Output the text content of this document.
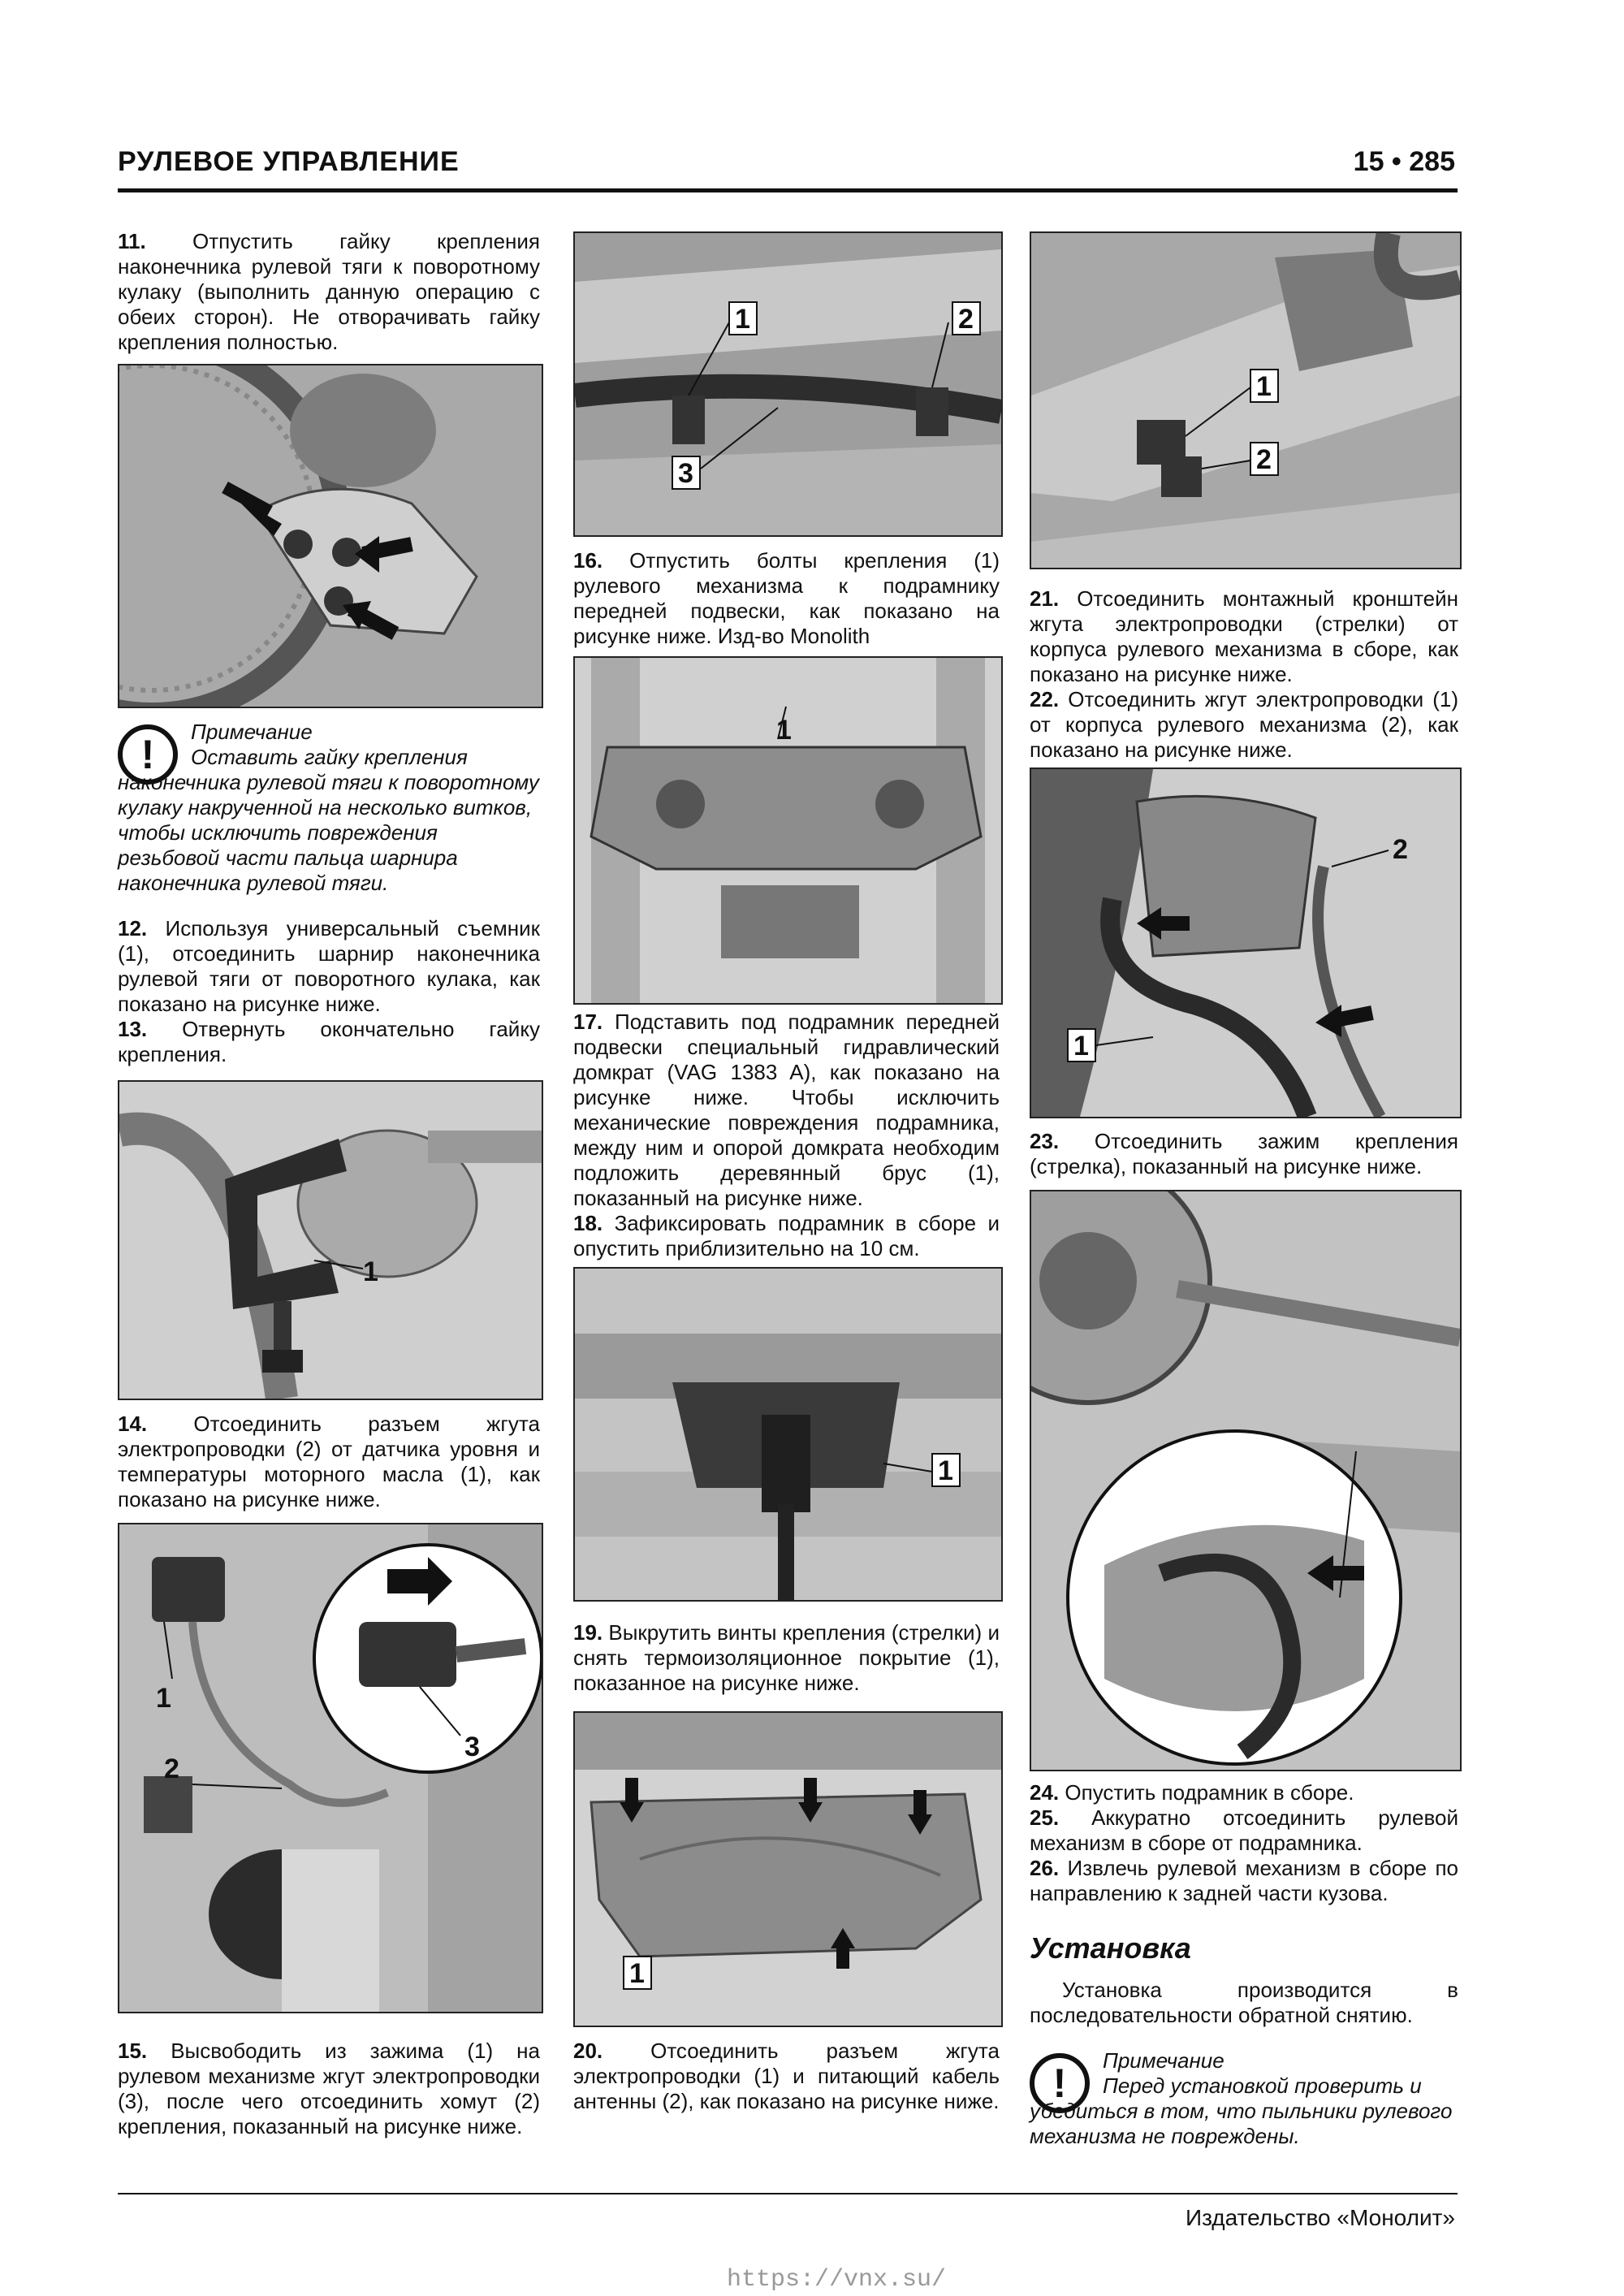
РУЛЕВОЕ УПРАВЛЕНИЕ	15 • 285

11. Отпустить гайку крепления наконечника рулевой тяги к поворотному кулаку (выполнить данную операцию с обеих сторон). Не отворачивать гайку крепления полностью.

!	Примечание
Оставить гайку крепления наконечника рулевой тяги к поворотному кулаку накрученной на несколько витков, чтобы исключить повреждения резьбовой части пальца шарнира наконечника рулевой тяги.

12. Используя универсальный съемник (1), отсоединить шарнир наконечника рулевой тяги от поворотного кулака, как показано на рисунке ниже.

13. Отвернуть окончательно гайку крепления.

1

14. Отсоединить разъем жгута электропроводки (2) от датчика уровня и температуры моторного масла (1), как показано на рисунке ниже.

3
1
2

15. Высвободить из зажима (1) на рулевом механизме жгут электропроводки (3), после чего отсоединить хомут (2) крепления, показанный на рисунке ниже.

1	2
3

16. Отпустить болты крепления (1) рулевого механизма к подрамнику передней подвески, как показано на рисунке ниже. Изд-во Monolith

1

17. Подставить под подрамник передней подвески специальный гидравлический домкрат (VAG 1383 A), как показано на рисунке ниже. Чтобы исключить механические повреждения подрамника, между ним и опорой домкрата необходим подложить деревянный брус (1), показанный на рисунке ниже.

18. Зафиксировать подрамник в сборе и опустить приблизительно на 10 см.

1

19. Выкрутить винты крепления (стрелки) и снять термоизоляционное покрытие (1), показанное на рисунке ниже.

1

20. Отсоединить разъем жгута электропроводки (1) и питающий кабель антенны (2), как показано на рисунке ниже.

1
2

21. Отсоединить монтажный кронштейн жгута электропроводки (стрелки) от корпуса рулевого механизма в сборе, как показано на рисунке ниже.

22. Отсоединить жгут электропроводки (1) от корпуса рулевого механизма (2), как показано на рисунке ниже.

1
2

23. Отсоединить зажим крепления (стрелка), показанный на рисунке ниже.

24. Опустить подрамник в сборе.

25. Аккуратно отсоединить рулевой механизм в сборе от подрамника.

26. Извлечь рулевой механизм в сборе по направлению к задней части кузова.

Установка
Установка производится в последовательности обратной снятию.
!	Примечание
Перед установкой проверить и убедиться в том, что пыльники рулевого механизма не повреждены.
Издательство «Монолит»
https://vnx.su/
